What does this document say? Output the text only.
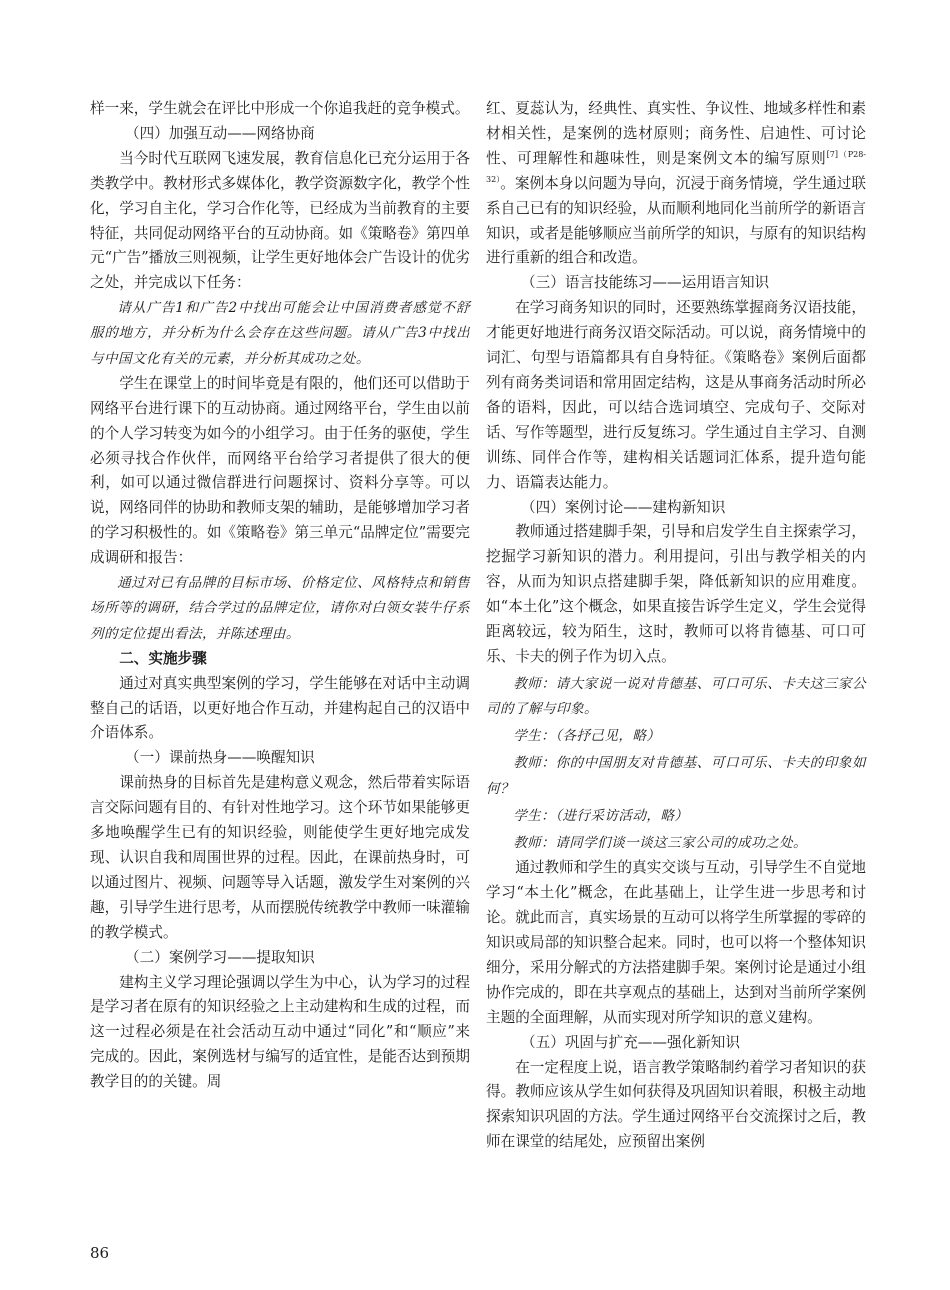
样一来，学生就会在评比中形成一个你追我赶的竞争模式。

（四）加强互动——网络协商

当今时代互联网飞速发展，教育信息化已充分运用于各类教学中。教材形式多媒体化，教学资源数字化，教学个性化，学习自主化，学习合作化等，已经成为当前教育的主要特征，共同促动网络平台的互动协商。如《策略卷》第四单元“广告”播放三则视频，让学生更好地体会广告设计的优劣之处，并完成以下任务：

请从广告1和广告2中找出可能会让中国消费者感觉不舒服的地方，并分析为什么会存在这些问题。请从广告3中找出与中国文化有关的元素，并分析其成功之处。

学生在课堂上的时间毕竟是有限的，他们还可以借助于网络平台进行课下的互动协商。通过网络平台，学生由以前的个人学习转变为如今的小组学习。由于任务的驱使，学生必须寻找合作伙伴，而网络平台给学习者提供了很大的便利，如可以通过微信群进行问题探讨、资料分享等。可以说，网络同伴的协助和教师支架的辅助，是能够增加学习者的学习积极性的。如《策略卷》第三单元“品牌定位”需要完成调研和报告：

通过对已有品牌的目标市场、价格定位、风格特点和销售场所等的调研，结合学过的品牌定位，请你对白领女装牛仔系列的定位提出看法，并陈述理由。

二、实施步骤

通过对真实典型案例的学习，学生能够在对话中主动调整自己的话语，以更好地合作互动，并建构起自己的汉语中介语体系。

（一）课前热身——唤醒知识

课前热身的目标首先是建构意义观念，然后带着实际语言交际问题有目的、有针对性地学习。这个环节如果能够更多地唤醒学生已有的知识经验，则能使学生更好地完成发现、认识自我和周围世界的过程。因此，在课前热身时，可以通过图片、视频、问题等导入话题，激发学生对案例的兴趣，引导学生进行思考，从而摆脱传统教学中教师一味灌输的教学模式。

（二）案例学习——提取知识

建构主义学习理论强调以学生为中心，认为学习的过程是学习者在原有的知识经验之上主动建构和生成的过程，而这一过程必须是在社会活动互动中通过“同化”和“顺应”来完成的。因此，案例选材与编写的适宜性，是能否达到预期教学目的的关键。周

红、夏蕊认为，经典性、真实性、争议性、地域多样性和素材相关性，是案例的选材原则；商务性、启迪性、可讨论性、可理解性和趣味性，则是案例文本的编写原则$^{[7](P28-32)}$。案例本身以问题为导向，沉浸于商务情境，学生通过联系自己已有的知识经验，从而顺利地同化当前所学的新语言知识，或者是能够顺应当前所学的知识，与原有的知识结构进行重新的组合和改造。

（三）语言技能练习——运用语言知识

在学习商务知识的同时，还要熟练掌握商务汉语技能，才能更好地进行商务汉语交际活动。可以说，商务情境中的词汇、句型与语篇都具有自身特征。《策略卷》案例后面都列有商务类词语和常用固定结构，这是从事商务活动时所必备的语料，因此，可以结合选词填空、完成句子、交际对话、写作等题型，进行反复练习。学生通过自主学习、自测训练、同伴合作等，建构相关话题词汇体系，提升造句能力、语篇表达能力。

（四）案例讨论——建构新知识

教师通过搭建脚手架，引导和启发学生自主探索学习，挖掘学习新知识的潜力。利用提问，引出与教学相关的内容，从而为知识点搭建脚手架，降低新知识的应用难度。如“本土化”这个概念，如果直接告诉学生定义，学生会觉得距离较远，较为陌生，这时，教师可以将肯德基、可口可乐、卡夫的例子作为切入点。

教师：请大家说一说对肯德基、可口可乐、卡夫这三家公司的了解与印象。

学生：（各抒己见，略）

教师：你的中国朋友对肯德基、可口可乐、卡夫的印象如何？

学生：（进行采访活动，略）

教师：请同学们谈一谈这三家公司的成功之处。

通过教师和学生的真实交谈与互动，引导学生不自觉地学习“本土化”概念，在此基础上，让学生进一步思考和讨论。就此而言，真实场景的互动可以将学生所掌握的零碎的知识或局部的知识整合起来。同时，也可以将一个整体知识细分，采用分解式的方法搭建脚手架。案例讨论是通过小组协作完成的，即在共享观点的基础上，达到对当前所学案例主题的全面理解，从而实现对所学知识的意义建构。

（五）巩固与扩充——强化新知识

在一定程度上说，语言教学策略制约着学习者知识的获得。教师应该从学生如何获得及巩固知识着眼，积极主动地探索知识巩固的方法。学生通过网络平台交流探讨之后，教师在课堂的结尾处，应预留出案例

86
